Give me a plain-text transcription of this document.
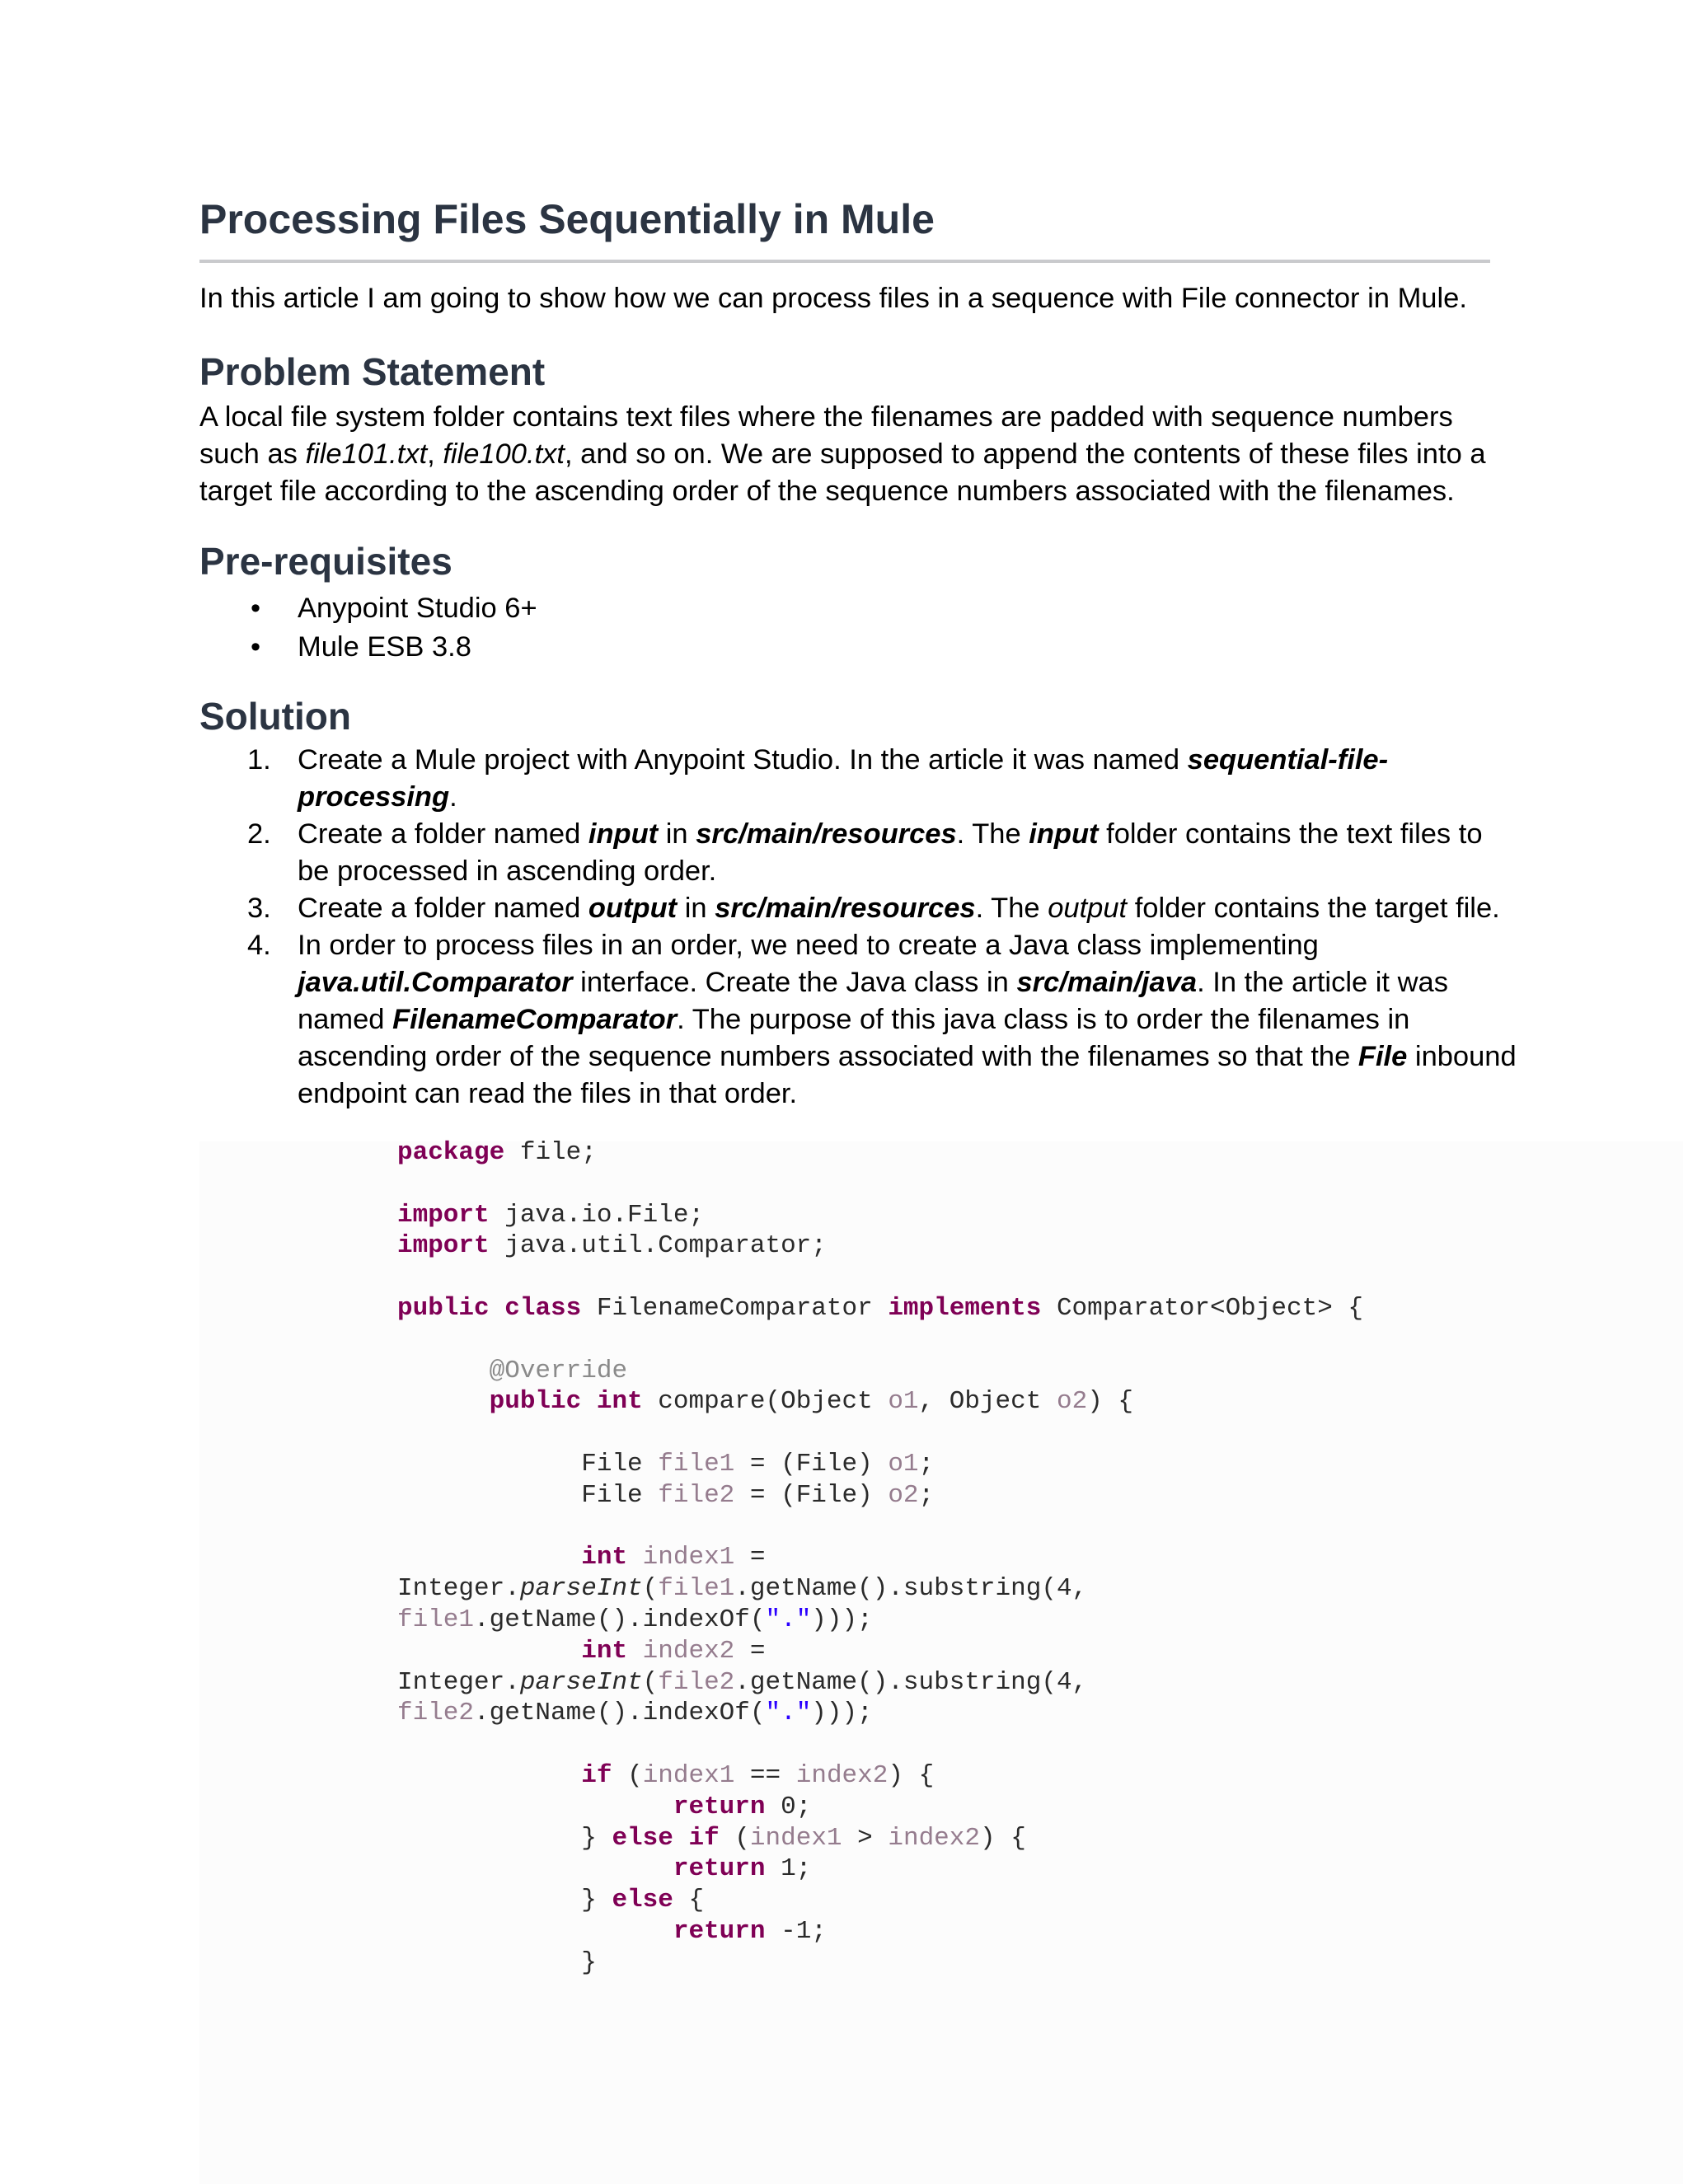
Processing Files Sequentially in Mule
In this article I am going to show how we can process files in a sequence with File connector in Mule.
Problem Statement

A local file system folder contains text files where the filenames are padded with sequence numbers such as file101.txt, file100.txt, and so on. We are supposed to append the contents of these files into a target file according to the ascending order of the sequence numbers associated with the filenames.

Pre-requisites
• Anypoint Studio 6+
• Mule ESB 3.8
Solution
1. Create a Mule project with Anypoint Studio. In the article it was named sequential-file-processing.
2. Create a folder named input in src/main/resources. The input folder contains the text files to be processed in ascending order.
3. Create a folder named output in src/main/resources. The output folder contains the target file.
4. In order to process files in an order, we need to create a Java class implementing java.util.Comparator interface. Create the Java class in src/main/java. In the article it was named FilenameComparator. The purpose of this java class is to order the filenames in ascending order of the sequence numbers associated with the filenames so that the File inbound endpoint can read the files in that order.
package file;
import java.io.File;
import java.util.Comparator;
public class FilenameComparator implements Comparator<Object> {
@Override
public int compare(Object o1, Object o2) {
File file1 = (File) o1;
File file2 = (File) o2;
int index1 =
Integer.parseInt(file1.getName().substring(4,
file1.getName().indexOf(".")));
int index2 =
Integer.parseInt(file2.getName().substring(4,
file2.getName().indexOf(".")));
if (index1 == index2) {
return 0;
} else if (index1 > index2) {
return 1;
} else {
return -1;
}
